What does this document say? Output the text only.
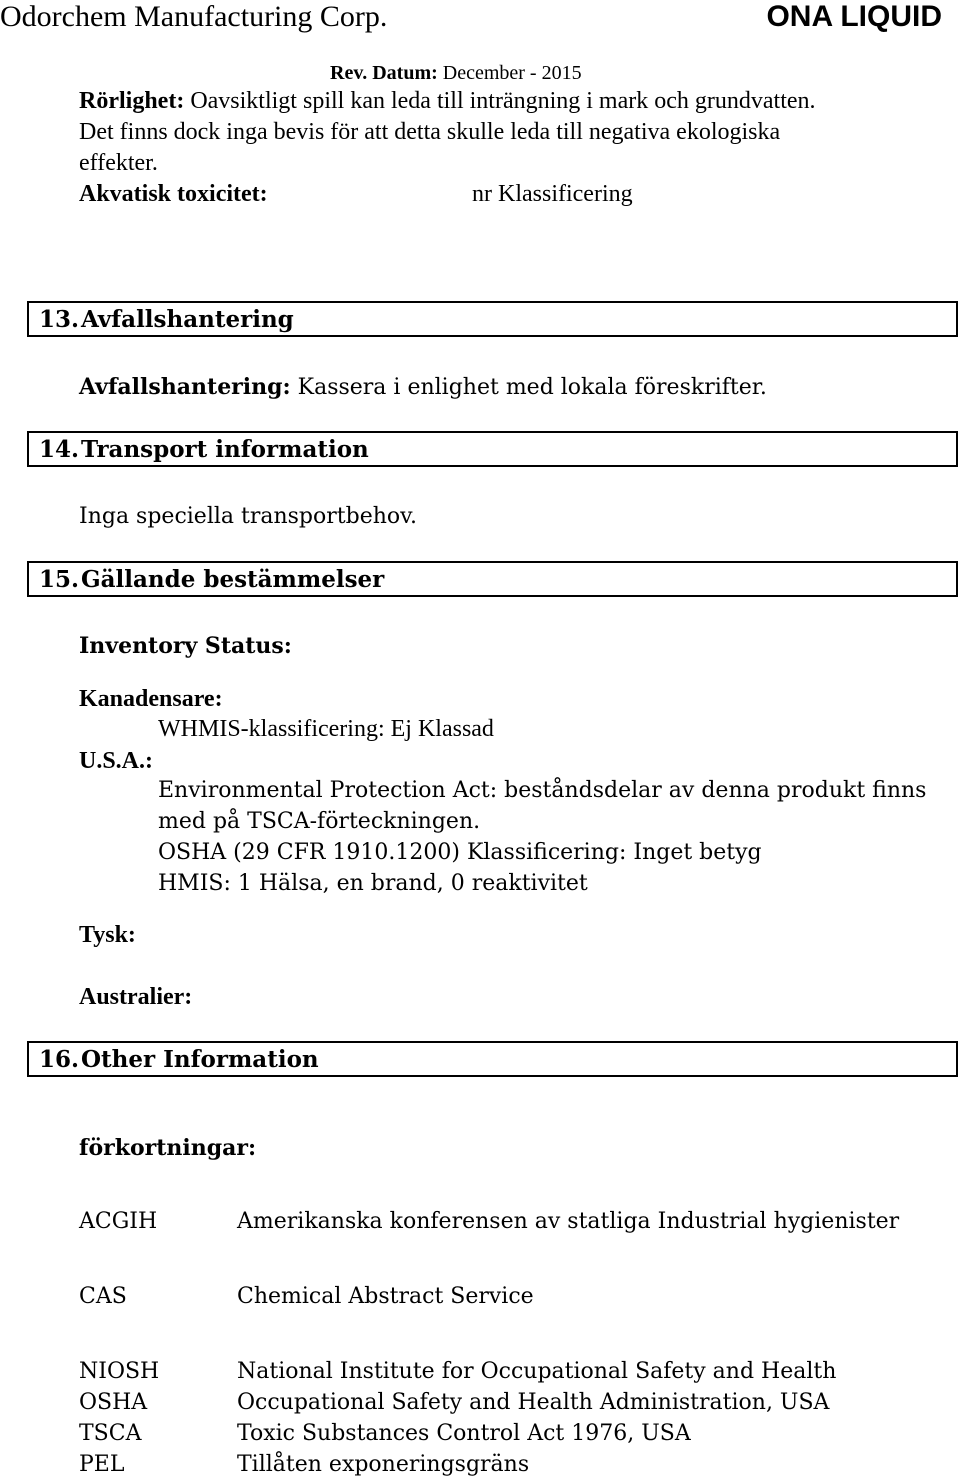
Odorchem Manufacturing Corp.	ONA LIQUID
Rev. Datum: December - 2015
Rörlighet: Oavsiktligt spill kan leda till inträngning i mark och grundvatten.
Det finns dock inga bevis för att detta skulle leda till negativa ekologiska
effekter.
Akvatisk toxicitet:	nr Klassificering
13. Avfallshantering
Avfallshantering: Kassera i enlighet med lokala föreskrifter.
14. Transport information
Inga speciella transportbehov.
15. Gällande bestämmelser
Inventory Status:
Kanadensare:
WHMIS-klassificering: Ej Klassad
U.S.A.:
Environmental Protection Act: beståndsdelar av denna produkt finns
med på TSCA-förteckningen.
OSHA (29 CFR 1910.1200) Klassificering: Inget betyg
HMIS: 1 Hälsa, en brand, 0 reaktivitet
Tysk:
Australier:
16. Other Information
förkortningar:
ACGIH	Amerikanska konferensen av statliga Industrial hygienister
CAS	Chemical Abstract Service
NIOSH	National Institute for Occupational Safety and Health
OSHA	Occupational Safety and Health Administration, USA
TSCA	Toxic Substances Control Act 1976, USA
PEL	Tillåten exponeringsgräns
